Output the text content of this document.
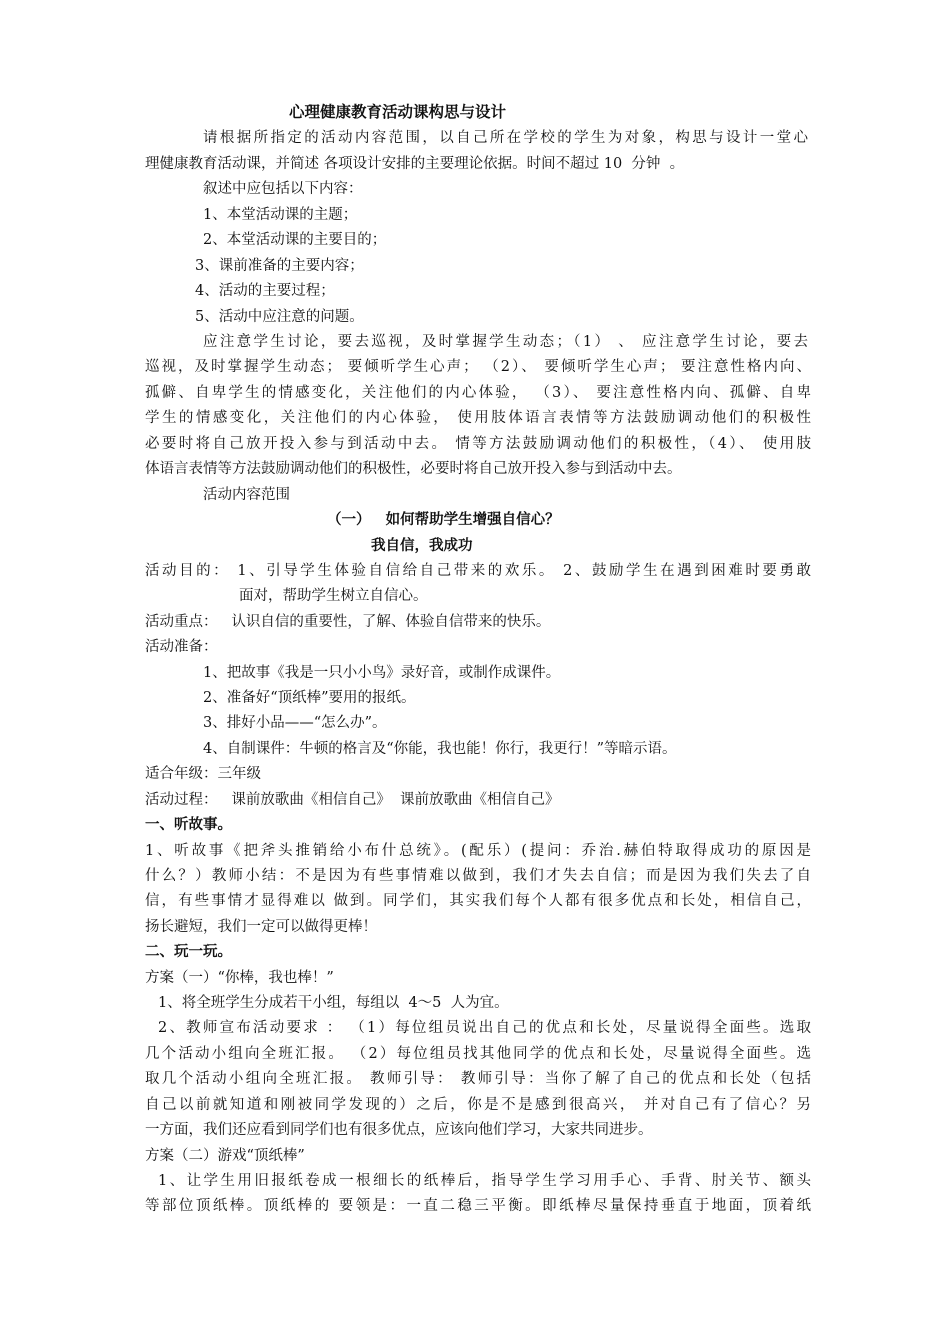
心理健康教育活动课构思与设计
请根据所指定的活动内容范围，以自己所在学校的学生为对象，构思与设计一堂心
理健康教育活动课，并简述 各项设计安排的主要理论依据。时间不超过 10  分钟  。
叙述中应包括以下内容：
1、本堂活动课的主题；
2、本堂活动课的主要目的；
3、课前准备的主要内容；
4、活动的主要过程；
5、活动中应注意的问题。
应注意学生讨论，要去巡视，及时掌握学生动态；（1） 、 应注意学生讨论，要去
巡视，及时掌握学生动态； 要倾听学生心声； （2）、 要倾听学生心声； 要注意性格内向、
孤僻、自卑学生的情感变化，关注他们的内心体验， （3）、 要注意性格内向、孤僻、自卑
学生的情感变化，关注他们的内心体验， 使用肢体语言表情等方法鼓励调动他们的积极性
必要时将自己放开投入参与到活动中去。 情等方法鼓励调动他们的积极性，（4）、 使用肢
体语言表情等方法鼓励调动他们的积极性，必要时将自己放开投入参与到活动中去。
活动内容范围
（一）   如何帮助学生增强自信心？
我自信，我成功
活动目的： 1、引导学生体验自信给自己带来的欢乐。 2、鼓励学生在遇到困难时要勇敢
面对，帮助学生树立自信心。
活动重点：   认识自信的重要性，了解、体验自信带来的快乐。
活动准备：
1、把故事《我是一只小小鸟》录好音，或制作成课件。
2、准备好“顶纸棒”要用的报纸。
3、排好小品——“怎么办”。
4、自制课件：牛顿的格言及“你能，我也能！你行，我更行！”等暗示语。
适合年级：三年级
活动过程：   课前放歌曲《相信自己》  课前放歌曲《相信自己》
一、听故事。
1、听故事《把斧头推销给小布什总统》。(配乐）(提问：乔治.赫伯特取得成功的原因是
什么？）教师小结：不是因为有些事情难以做到，我们才失去自信；而是因为我们失去了自
信，有些事情才显得难以 做到。同学们，其实我们每个人都有很多优点和长处，相信自己，
扬长避短，我们一定可以做得更棒！
二、玩一玩。
方案（一）“你棒，我也棒！”
1、将全班学生分成若干小组，每组以  4～5  人为宜。
2、教师宣布活动要求 ： （1）每位组员说出自己的优点和长处，尽量说得全面些。选取
几个活动小组向全班汇报。 （2）每位组员找其他同学的优点和长处，尽量说得全面些。选
取几个活动小组向全班汇报。 教师引导： 教师引导：当你了解了自己的优点和长处（包括
自己以前就知道和刚被同学发现的）之后，你是不是感到很高兴， 并对自己有了信心？另
一方面，我们还应看到同学们也有很多优点，应该向他们学习，大家共同进步。
方案（二）游戏“顶纸棒”
1、让学生用旧报纸卷成一根细长的纸棒后，指导学生学习用手心、手背、肘关节、额头
等部位顶纸棒。顶纸棒的 要领是：一直二稳三平衡。即纸棒尽量保持垂直于地面，顶着纸
